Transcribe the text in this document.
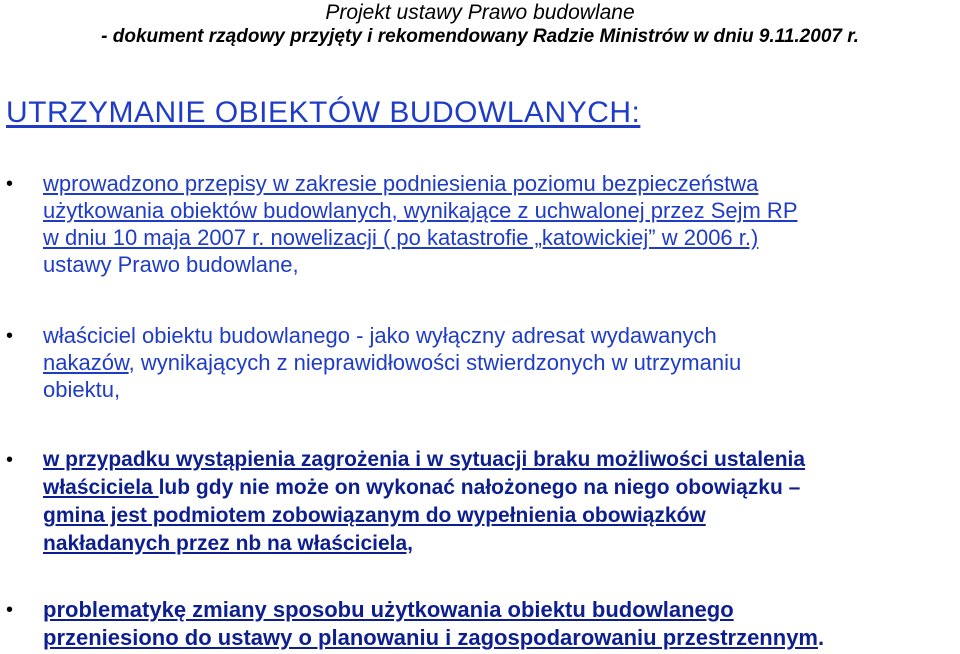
Projekt ustawy Prawo budowlane
- dokument rządowy przyjęty i rekomendowany Radzie Ministrów w dniu 9.11.2007 r.
UTRZYMANIE OBIEKTÓW BUDOWLANYCH:
• wprowadzono przepisy w zakresie podniesienia poziomu bezpieczeństwa
użytkowania obiektów budowlanych, wynikające z uchwalonej przez Sejm RP
w dniu 10 maja 2007 r. nowelizacji ( po katastrofie „katowickiej” w 2006 r.)
ustawy Prawo budowlane,
• właściciel obiektu budowlanego - jako wyłączny adresat wydawanych
nakazów, wynikających z nieprawidłowości stwierdzonych w utrzymaniu
obiektu,
• w przypadku wystąpienia zagrożenia i w sytuacji braku możliwości ustalenia
właściciela lub gdy nie może on wykonać nałożonego na niego obowiązku –
gmina jest podmiotem zobowiązanym do wypełnienia obowiązków
nakładanych przez nb na właściciela,
• problematykę zmiany sposobu użytkowania obiektu budowlanego
przeniesiono do ustawy o planowaniu i zagospodarowaniu przestrzennym.
